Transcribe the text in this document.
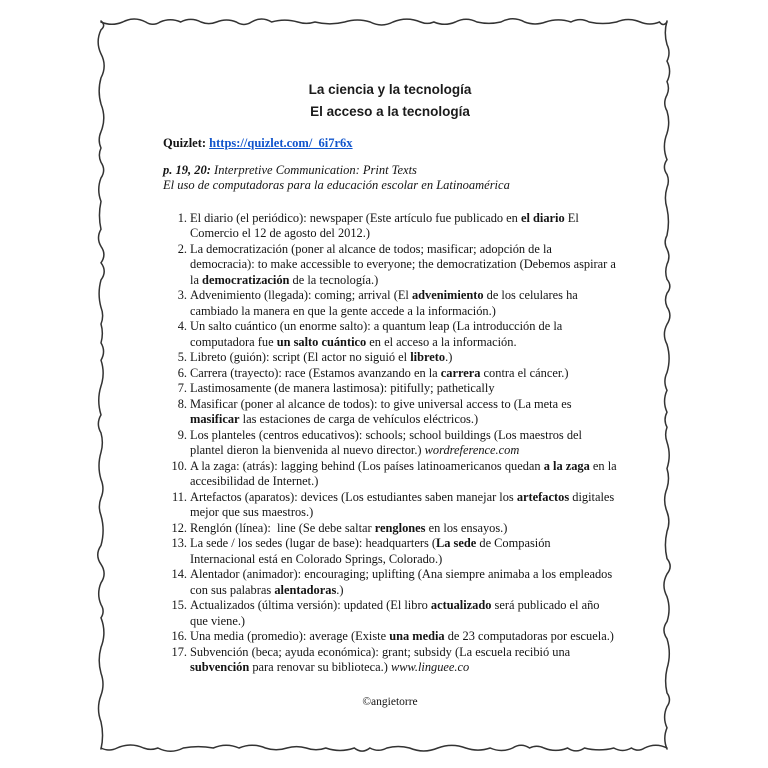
La ciencia y la tecnología
El acceso a la tecnología

Quizlet: https://quizlet.com/_6i7r6x

p. 19, 20: Interpretive Communication: Print Texts
El uso de computadoras para la educación escolar en Latinoamérica
1. El diario (el periódico): newspaper (Este artículo fue publicado en el diario El Comercio el 12 de agosto del 2012.)
2. La democratización (poner al alcance de todos; masificar; adopción de la democracia): to make accessible to everyone; the democratization (Debemos aspirar a la democratización de la tecnología.)
3. Advenimiento (llegada): coming; arrival (El advenimiento de los celulares ha cambiado la manera en que la gente accede a la información.)
4. Un salto cuántico (un enorme salto): a quantum leap (La introducción de la computadora fue un salto cuántico en el acceso a la información.
5. Libreto (guión): script (El actor no siguió el libreto.)
6. Carrera (trayecto): race (Estamos avanzando en la carrera contra el cáncer.)
7. Lastimosamente (de manera lastimosa): pitifully; pathetically
8. Masificar (poner al alcance de todos): to give universal access to (La meta es masificar las estaciones de carga de vehículos eléctricos.)
9. Los planteles (centros educativos): schools; school buildings (Los maestros del plantel dieron la bienvenida al nuevo director.) wordreference.com
10. A la zaga: (atrás): lagging behind (Los países latinoamericanos quedan a la zaga en la accesibilidad de Internet.)
11. Artefactos (aparatos): devices (Los estudiantes saben manejar los artefactos digitales mejor que sus maestros.)
12. Renglón (línea):  line (Se debe saltar renglones en los ensayos.)
13. La sede / los sedes (lugar de base): headquarters (La sede de Compasión Internacional está en Colorado Springs, Colorado.)
14. Alentador (animador): encouraging; uplifting (Ana siempre animaba a los empleados con sus palabras alentadoras.)
15. Actualizados (última versión): updated (El libro actualizado será publicado el año que viene.)
16. Una media (promedio): average (Existe una media de 23 computadoras por escuela.)
17. Subvención (beca; ayuda económica): grant; subsidy (La escuela recibió una subvención para renovar su biblioteca.) www.linguee.co
©angietorre
